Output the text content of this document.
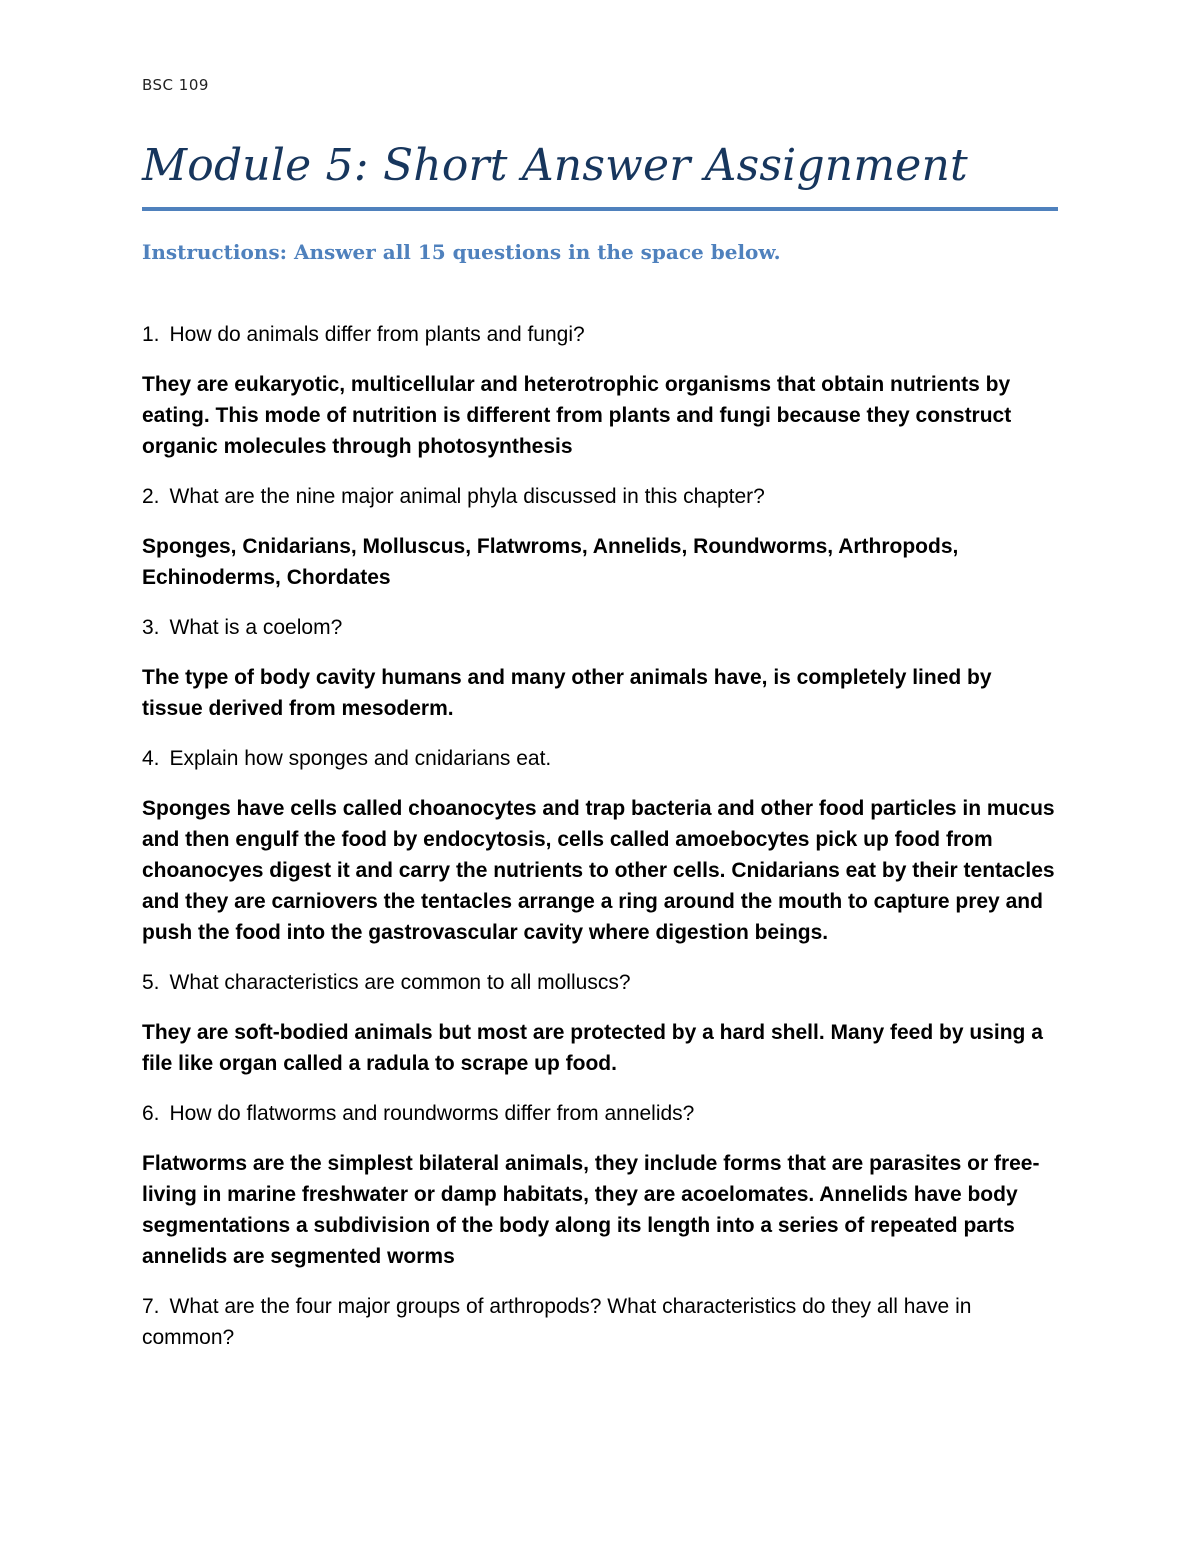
BSC 109
Module 5: Short Answer Assignment
Instructions: Answer all 15 questions in the space below.
1. How do animals differ from plants and fungi?
They are eukaryotic, multicellular and heterotrophic organisms that obtain nutrients by eating. This mode of nutrition is different from plants and fungi because they construct organic molecules through photosynthesis
2. What are the nine major animal phyla discussed in this chapter?
Sponges, Cnidarians, Molluscus, Flatwroms, Annelids, Roundworms, Arthropods, Echinoderms, Chordates
3. What is a coelom?
The type of body cavity humans and many other animals have, is completely lined by tissue derived from mesoderm.
4. Explain how sponges and cnidarians eat.
Sponges have cells called choanocytes and trap bacteria and other food particles in mucus and then engulf the food by endocytosis, cells called amoebocytes pick up food from choanocyes digest it and carry the nutrients to other cells. Cnidarians eat by their tentacles and they are carniovers the tentacles arrange a ring around the mouth to capture prey and push the food into the gastrovascular cavity where digestion beings.
5. What characteristics are common to all molluscs?
They are soft-bodied animals but most are protected by a hard shell. Many feed by using a file like organ called a radula to scrape up food.
6. How do flatworms and roundworms differ from annelids?
Flatworms are the simplest bilateral animals, they include forms that are parasites or free-living in marine freshwater or damp habitats, they are acoelomates. Annelids have body segmentations a subdivision of the body along its length into a series of repeated parts annelids are segmented worms
7. What are the four major groups of arthropods? What characteristics do they all have in common?
